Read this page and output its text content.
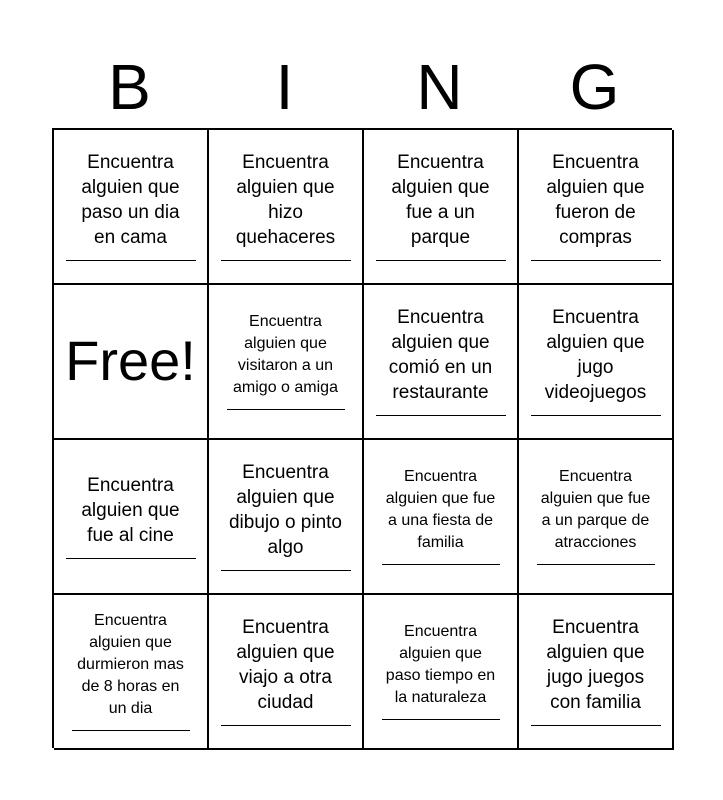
B	I	N	G
Encuentra
alguien que
paso un dia
en cama
Encuentra
alguien que
hizo
quehaceres
Encuentra
alguien que
fue a un
parque
Encuentra
alguien que
fueron de
compras
Free!
Encuentra
alguien que
visitaron a un
amigo o amiga
Encuentra
alguien que
comió en un
restaurante
Encuentra
alguien que
jugo
videojuegos
Encuentra
alguien que
fue al cine
Encuentra
alguien que
dibujo o pinto
algo
Encuentra
alguien que fue
a una fiesta de
familia
Encuentra
alguien que fue
a un parque de
atracciones
Encuentra
alguien que
durmieron mas
de 8 horas en
un dia
Encuentra
alguien que
viajo a otra
ciudad
Encuentra
alguien que
paso tiempo en
la naturaleza
Encuentra
alguien que
jugo juegos
con familia
